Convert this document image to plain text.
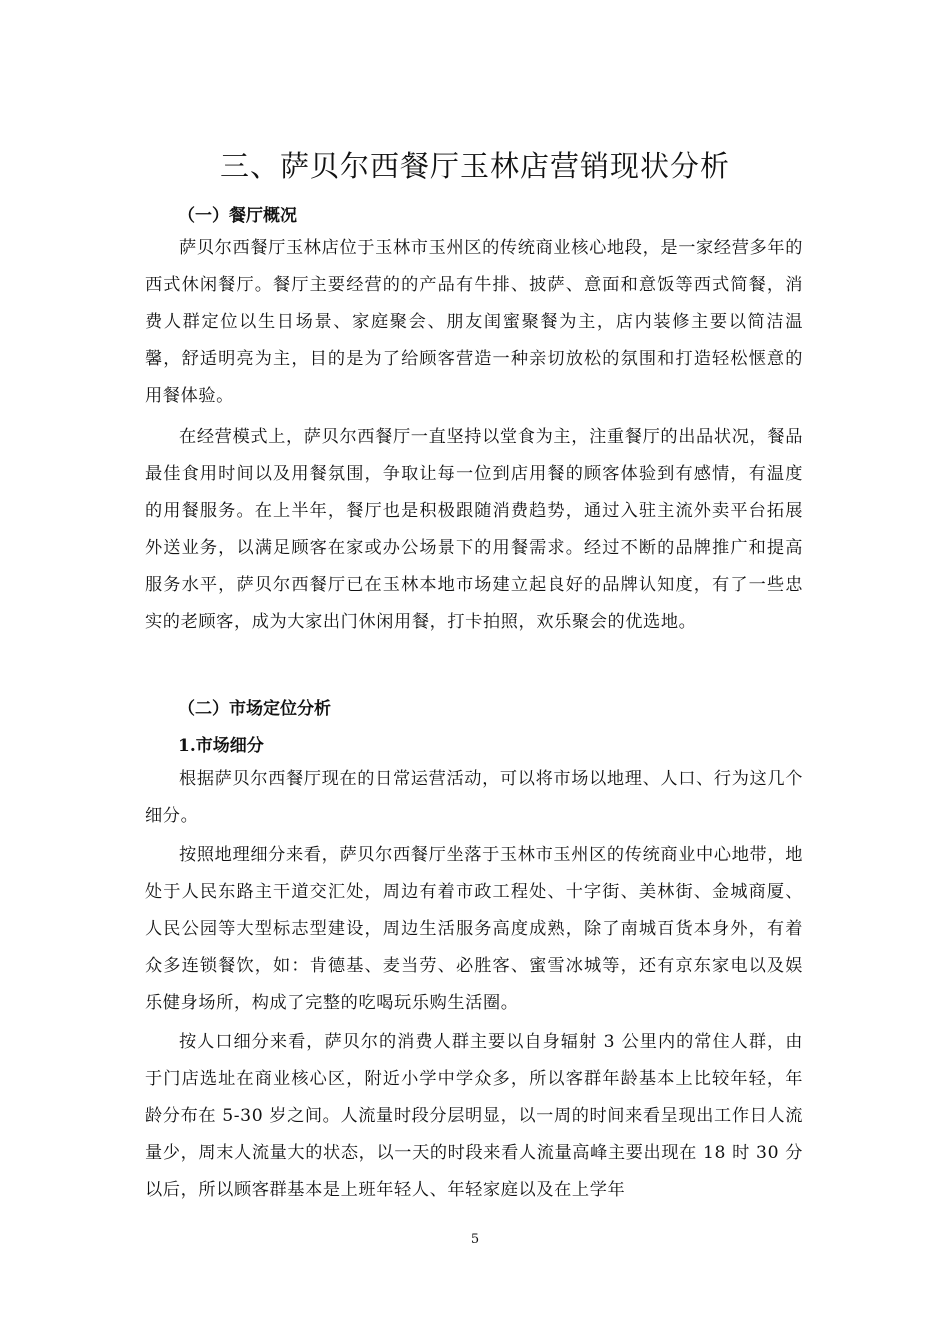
三、萨贝尔西餐厅玉林店营销现状分析
（一）餐厅概况

萨贝尔西餐厅玉林店位于玉林市玉州区的传统商业核心地段，是一家经营多年的西式休闲餐厅。餐厅主要经营的的产品有牛排、披萨、意面和意饭等西式简餐，消费人群定位以生日场景、家庭聚会、朋友闺蜜聚餐为主，店内装修主要以简洁温馨，舒适明亮为主，目的是为了给顾客营造一种亲切放松的氛围和打造轻松惬意的用餐体验。

在经营模式上，萨贝尔西餐厅一直坚持以堂食为主，注重餐厅的出品状况，餐品最佳食用时间以及用餐氛围，争取让每一位到店用餐的顾客体验到有感情，有温度的用餐服务。在上半年，餐厅也是积极跟随消费趋势，通过入驻主流外卖平台拓展外送业务，以满足顾客在家或办公场景下的用餐需求。经过不断的品牌推广和提高服务水平，萨贝尔西餐厅已在玉林本地市场建立起良好的品牌认知度，有了一些忠实的老顾客，成为大家出门休闲用餐，打卡拍照，欢乐聚会的优选地。

（二）市场定位分析
1.市场细分

根据萨贝尔西餐厅现在的日常运营活动，可以将市场以地理、人口、行为这几个细分。

按照地理细分来看，萨贝尔西餐厅坐落于玉林市玉州区的传统商业中心地带，地处于人民东路主干道交汇处，周边有着市政工程处、十字街、美林街、金城商厦、人民公园等大型标志型建设，周边生活服务高度成熟，除了南城百货本身外，有着众多连锁餐饮，如：肯德基、麦当劳、必胜客、蜜雪冰城等，还有京东家电以及娱乐健身场所，构成了完整的吃喝玩乐购生活圈。

按人口细分来看，萨贝尔的消费人群主要以自身辐射 3 公里内的常住人群，由于门店选址在商业核心区，附近小学中学众多，所以客群年龄基本上比较年轻，年龄分布在 5-30 岁之间。人流量时段分层明显，以一周的时间来看呈现出工作日人流量少，周末人流量大的状态，以一天的时段来看人流量高峰主要出现在 18 时 30 分以后，所以顾客群基本是上班年轻人、年轻家庭以及在上学年

5
